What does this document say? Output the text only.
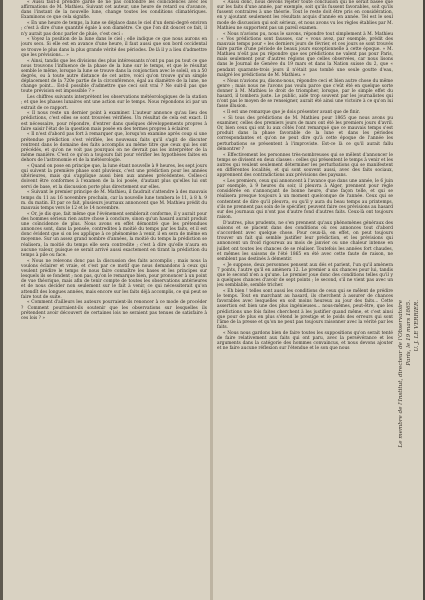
« Aussi faut-il prendre garde de ne pas confondre les coïncidences avec les affirmations de M. Mathieu. Suivant cet auteur, une heure de retard ou d'avance, dans l'instant de la nouvelle lune, change toutes les conditions climatériques. Examinons ce que cela signifie.

« En une heure de temps, la lune se déplace dans le ciel d'un demi-degré environ ; c'est à dire d'une quantité égale à son diamètre. Ce que l'on dit doucet ce fait, il n'y aurait pas donc parler de pluie, c'est ceci :

« Voyez la position de la lune dans le ciel ; elle indique ce que nous aurons en jours secs. Si elle est en avance d'une heure, il faut aussi que son bord occidental se trouve le plus dans la plus grande vérité des périodes. De là il y a lieu d'admettre que les prévisions... »

« Ainsi, tandis que les divisions des plus intéressants n'ont pu pas pu tout ce que nous trouvons l'influence de la phase de la lune sur le temps, et que le résultat semble le même, lorsque la lune se trouve dans la conjonction avec le soleil, on a 50 degrés, ou à toute autre distance de cet astre, voici qu'on trouve qu'un simple déplacement de la 720e partie de la circonférence, égal au diamètre de la lune, ne change point... Est-il possible d'admettre que ceci soit vrai ? Ne suit-il pas que toute prévision est impossible ? »

Les chiffres suivants interprètent les observations météorologiques de la station ; et que les phases lunaires ont une action sur le temps. Nous répondons ici par un extrait de ce rapport.

« Il nous reste un dernier point à examiner. L'auteur annonce qu'au lieu des prédictions, c'est elles se sont trouvées vérifiées. Un résultat de cela est exact. Il est nécessaire, pour répondre, d'entrer dans quelques développements propres à faire saisir l'état de la question mais posée en des termes propres à éclairer.

« Il n'est d'abord pas fort à remarquer que, lorsqu'on examine après coup si une prétendue prédiction s'est vérifiée, les nouveaux faits qu'il s'agit de discuter rentrent dans le domaine des faits accomplis au même titre que ceux qui les ont précédés, et qu'on ne voit pas pourquoi on ne devrait pas les interpréter de la même manière. C'est ce qu'on a toujours fait pour vérifier les hypothèses faites en dehors de l'astronomie et de la météorologie.

« Quand on pose en principe que, la lune étant nouvelle à 9 heures, les sept jours qui suivent la première phase sont pluvieux, c'est une prédiction pour les années ultérieures, mais qui s'applique aussi bien aux années précédentes. Celles-ci doivent être conformes à l'examen de la loi posée, d'autant plus qu'elles lui ont servi de base, et la discussion porte plus directement sur elles.

« Suivant le premier principe de M. Mathieu, il faudrait s'attendre à des mauvais temps du 11 au 16 novembre prochain, car la nouvelle lune tombera le 11, à 8 h. 9 m. du matin. Et par ce fait, plusieurs journaux annoncent que M. Mathieu prédit du mauvais temps vers le 12 et le 14 novembre.

« Or, je dis que, fait même que l'événement semblerait conforme, il y aurait pour des hommes sérieux rien autre chose à conclure, sinon qu'un hasard aurait produit une coïncidence de plus. Nous avons en effet démontré que les prétendues annonces sont, dans la pensée, contredites à moitié du temps par les faits, et il est donc évident que si on les applique à ce phénomène à venir, il en sera de même en moyenne. Sur un assez grand nombre d'années, la moitié du temps la prédiction se réalisera, la moitié du temps elle sera contredite ; c'est à dire qu'elle n'aura en aucune valeur, puisque se serait arrivé aussi exactement en tirant la prédiction du temps à pile ou face.

« Nous ne relevons donc pas la discussion des faits accomplis ; mais nous la voulons éclairer et vraie, et c'est par ce motif que nous demandons à ceux qui veulent prédire le temps de nous faire connaître les bases et les principes sur lesquels ils se fondent ; non pas, qu'on le remarque bien, pour prononcer à un point de vue théorique, mais afin de tenir compte de toutes les observations antérieures et de nous décider non seulement sur le fait à venir, ce qui nécessiterait qu'on attendît des longues années, mais encore sur les faits déjà accomplis, ce qui peut se faire tout de suite.

« Comment d'ailleurs les auteurs pourraient-ils renoncer à ce mode de procéder ? Comment pourraient-ils soutenir que les observations sur lesquelles ils prétendent avoir découvert de certaines lois ne seraient pas tenues de satisfaire à ces lois ? »

« Aussi donc, nous devons rejeter toute conclusion qui ne serait basée que sur les faits d'une année, par exemple, soit qu'ils fussent favorables, soit qu'ils fussent contraires à une théorie. Tout le reste doit être pris en considération, en y ajoutant seulement les résultats acquis d'année en année. Tel est le seul mode de discussion qui soit sérieux, et nous avons vu les règles établies par M. Mathieu ne supportent pas un pareil examen.

« Nous n'avions pu, nous le savons, répondre tout simplement à M. Mathieu : « Vos prédictions sont fausses, car « vous avez, par exemple, prédit des mauvais temps pour « les derniers jours de février, et ces jours se sont trouvés faire partie d'une période de beaux jours exceptionnelle à cette époque. » M. Mathieu n'eût pas pu répondre que ses prédictions ne valent pas pour Paris, mais seulement pour d'autres régions que celles observées, car nous lisons dans le Journal de Genève du 19 mars et dans la Nation suisse du 2, que « pendant quarante-trois jours il n'était pas tombé une seule goutte d'eau, malgré les prédictions de M. Mathieu. »

« Nous n'avions pu, disons-nous, répondre ceci et bien autre chose du même genre ; mais nous ne l'avons pas voulu parce que c'eût été en quelque sorte donner à M. Mathieu le droit de triompher, lorsque, par le simple effet du hasard, il tombera juste. Le public, aidé trop souvent par les journalistes qui n'ont pas le moyen de se renseigner, aurait été ainsi une victoire à ce qu'on lui fasse illusion.

« Il est une remarque que je dois présenter avant que de finir.

« Si tous des prédictions de M. Mathieu pour 1865 que nous avons pu examiner, celles des premiers jours de mars ont été les premiers jours d'avril. Or, bien ceux qui ont lu aux côtés l'ont remarqué que ce mauvais temps s'est produit dans la phase favorable de la lune et dans les périodes correspondantes et qu'on ne peut dire qu'à cette époque de l'année les perturbations se présentent à l'improviste. Est-ce là ce qu'il aurait fallu démontrer ?

« Effectivement les personnes très-nombreuses qui se mêlent d'annoncer le temps se divisent en deux classes : celles qui présentent le temps à venir et les autres qui veulent seulement déterminer les perturbations qui se manifestent en différentes localités, et qui sont souvent aussi, avec des faits sociaux, apprennent des contradictions aux prévisions des paysans.

« Les premiers, ceux qui annoncent à l'avance que dans une année, le 6 juin par exemple, à 9 heures du soir, il pleuvra à Alger, prennent pour règle considérée en s'annonçant de bonne heure, d'une façon telle, et qui se réalisera presque toujours à un moment quelconque de l'année. Ceux qui se contentent de dire qu'il pleuvra, ou qu'il y aura du beau temps au printemps, s'ils ne prennent pas soin de le spécifier, peuvent faire ces prévisions au hasard sur des journaux qui n'ont pas d'autre fond d'autres faits. Ceux-là ont toujours raison.

D'autres, plus prudents, ne s'en prennent qu'aux phénomènes généraux des saisons et se placent dans des conditions où ces annonces tout d'abord s'accordent avec quelque chose. Pour ceux-là, en effet, on peut toujours trouver un fait qui semble justifier leur prédiction, et les prévisions qui annoncent un froid rigoureux au mois de janvier ou une chaleur intense en juillet ont toutes les chances de se réaliser. Toutefois les années fort chaudes, et mêmes les saisons de l'été 1865 en été avec cette faute de raison, ne semblent pas destinés à démentir.

« Je suppose, deux personnes pensent aux dés et parient, l'un qu'il amènera 7 points, l'autre qu'il en amènera 12. Le premier a six chances pour lui, tandis que le second n'en a qu'une. Le premier joue donc des conditions telles qu'il y a quelques chances d'avoir de sept points ; le second, s'il ne vient pas avec un jeu semblable, semble tricher.

« Eh bien ! telles sont aussi les conditions de ceux qui se mêlent de prédire le temps. Tout en marchant au hasard, ils cherchent à assurer de chances favorables avec lesquelles en soit moins heureux au jour des faits... Cette assertion est bien une des plus ingénieuses... nous-mêmes, peut-être, que les prédictions une fois faites cherchent à les justifier quand même, et c'est ainsi que pour de plus en plus s'étend le prestige et le poids des erreurs qui sont l'âme de la presse et qu'on ne peut pas toujours raisonner avec la vérité par les faits.

« Nous nous gardons bien de faire toutes les suppositions qu'on serait tenté de faire relativement aux faits qui ont paru, avec la persévérance et les arguments dans la catégorie des hommes convaincus, et nous devons ajouter et ne faire aucune réflexion sur l'étendue et le son que nous	Le membre de l'Institut, directeur de l'Observatoire Paris, le 19 mars 1865. U. J. LE VERRIER.
